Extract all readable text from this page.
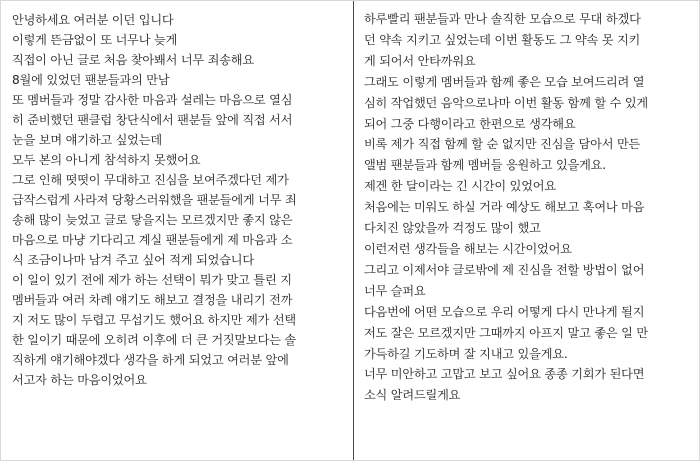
안녕하세요 여러분 이던 입니다
이렇게 뜬금없이 또 너무나 늦게
직접이 아닌 글로 처음 찾아봬서 너무 죄송해요
8월에 있었던 팬분들과의 만남
또 멤버들과 정말 감사한 마음과 설레는 마음으로 열심
히 준비했던 팬클럽 창단식에서 팬분들 앞에 직접 서서
눈을 보며 얘기하고 싶었는데
모두 본의 아니게 참석하지 못했어요
그로 인해 떳떳이 무대하고 진심을 보여주겠다던 제가
급작스럽게 사라져 당황스러워했을 팬분들에게 너무 죄
송해 많이 늦었고 글로 닿을지는 모르겠지만 좋지 않은
마음으로 마냥 기다리고 계실 팬분들에게 제 마음과 소
식 조금이나마 남겨 주고 싶어 적게 되었습니다
이 일이 있기 전에 제가 하는 선택이 뭐가 맞고 틀린 지
멤버들과 여러 차례 얘기도 해보고 결정을 내리기 전까
지 저도 많이 두렵고 무섭기도 했어요 하지만 제가 선택
한 일이기 때문에 오히려 이후에 더 큰 거짓말보다는 솔
직하게 얘기해야겠다 생각을 하게 되었고 여러분 앞에
서고자 하는 마음이었어요
하루빨리 팬분들과 만나 솔직한 모습으로 무대 하겠다
던 약속 지키고 싶었는데 이번 활동도 그 약속 못 지키
게 되어서 안타까워요
그래도 이렇게 멤버들과 함께 좋은 모습 보여드리려 열
심히 작업했던 음악으로나마 이번 활동 함께 할 수 있게
되어 그중 다행이라고 한편으로 생각해요
비록 제가 직접 함께 할 순 없지만 진심을 담아서 만든
앨범 팬분들과 함께 멤버들 응원하고 있을게요.
제겐 한 달이라는 긴 시간이 있었어요
처음에는 미워도 하실 거라 예상도 해보고 혹여나 마음
다치진 않았을까 걱정도 많이 했고
이런저런 생각들을 해보는 시간이었어요
그리고 이제서야 글로밖에 제 진심을 전할 방법이 없어
너무 슬퍼요
다음번에 어떤 모습으로 우리 어떻게 다시 만나게 될지
저도 잘은 모르겠지만 그때까지 아프지 말고 좋은 일 만
가득하길 기도하며 잘 지내고 있을게요.
너무 미안하고 고맙고 보고 싶어요 종종 기회가 된다면
소식 알려드릴게요
